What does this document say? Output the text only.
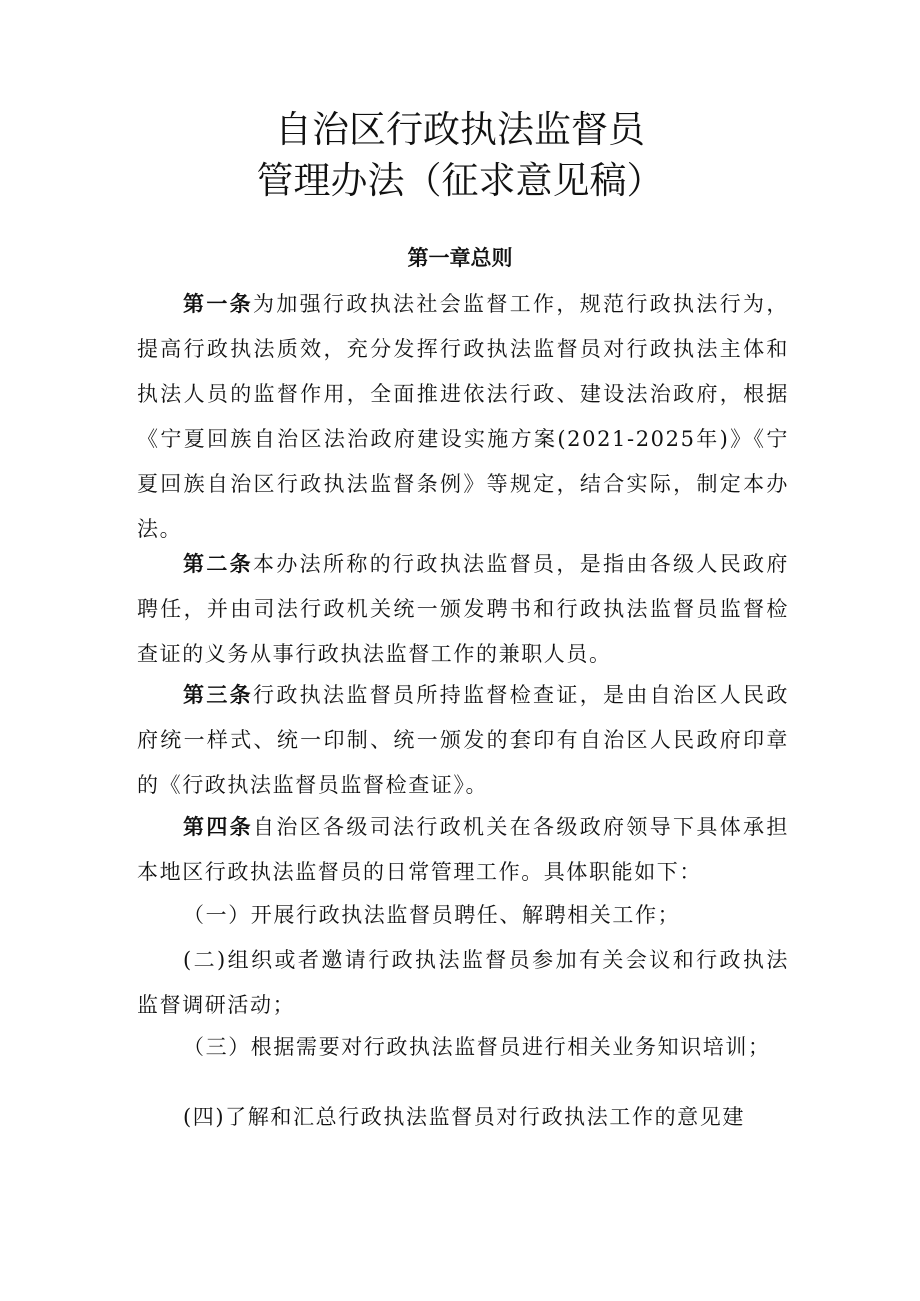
自治区行政执法监督员
管理办法（征求意见稿）
第一章总则

第一条为加强行政执法社会监督工作，规范行政执法行为，提高行政执法质效，充分发挥行政执法监督员对行政执法主体和执法人员的监督作用，全面推进依法行政、建设法治政府，根据《宁夏回族自治区法治政府建设实施方案(2021-2025年)》《宁夏回族自治区行政执法监督条例》等规定，结合实际，制定本办法。

第二条本办法所称的行政执法监督员，是指由各级人民政府聘任，并由司法行政机关统一颁发聘书和行政执法监督员监督检查证的义务从事行政执法监督工作的兼职人员。

第三条行政执法监督员所持监督检查证，是由自治区人民政府统一样式、统一印制、统一颁发的套印有自治区人民政府印章的《行政执法监督员监督检查证》。

第四条自治区各级司法行政机关在各级政府领导下具体承担本地区行政执法监督员的日常管理工作。具体职能如下：

（一）开展行政执法监督员聘任、解聘相关工作；

(二)组织或者邀请行政执法监督员参加有关会议和行政执法监督调研活动；

（三）根据需要对行政执法监督员进行相关业务知识培训；

(四)了解和汇总行政执法监督员对行政执法工作的意见建
